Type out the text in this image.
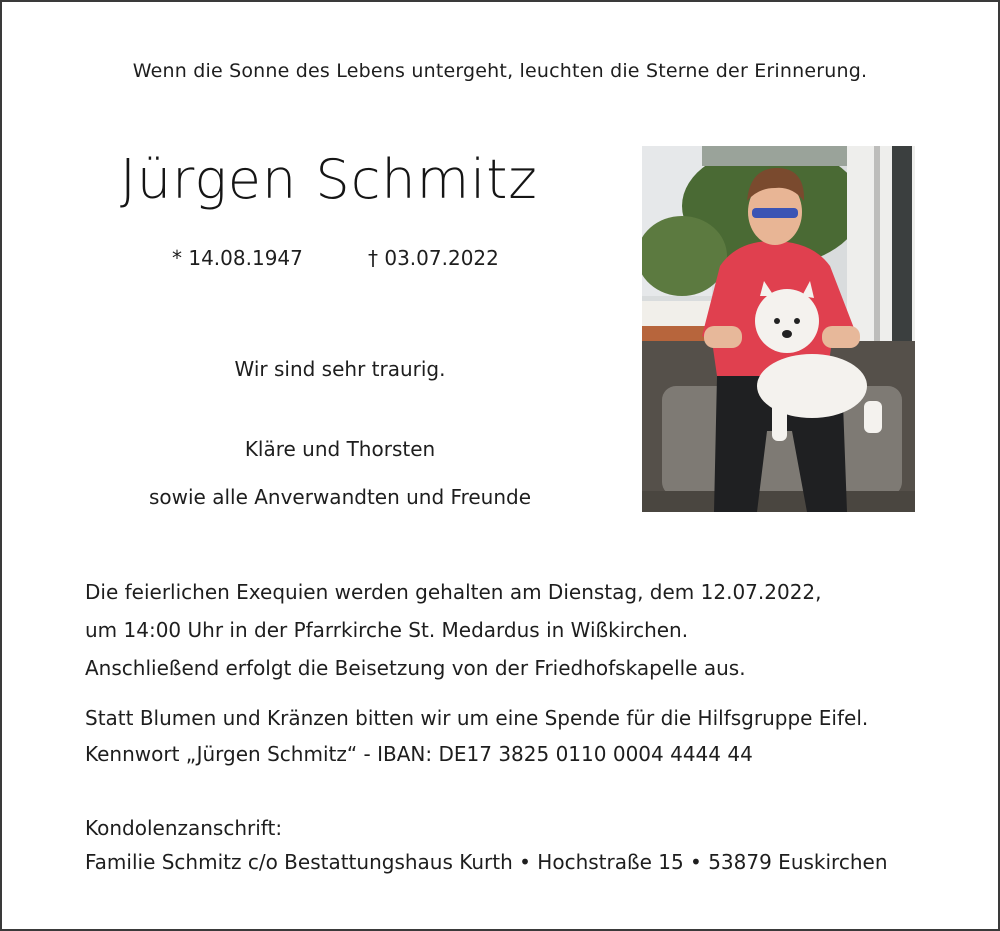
Wenn die Sonne des Lebens untergeht, leuchten die Sterne der Erinnerung.
Jürgen Schmitz
* 14.08.1947	† 03.07.2022
Wir sind sehr traurig.
Kläre und Thorsten
sowie alle Anverwandten und Freunde
Die feierlichen Exequien werden gehalten am Dienstag, dem 12.07.2022,
um 14:00 Uhr in der Pfarrkirche St. Medardus in Wißkirchen.
Anschließend erfolgt die Beisetzung von der Friedhofskapelle aus.
Statt Blumen und Kränzen bitten wir um eine Spende für die Hilfsgruppe Eifel.
Kennwort „Jürgen Schmitz“ - IBAN: DE17 3825 0110 0004 4444 44
Kondolenzanschrift:
Familie Schmitz c/o Bestattungshaus Kurth • Hochstraße 15 • 53879 Euskirchen
